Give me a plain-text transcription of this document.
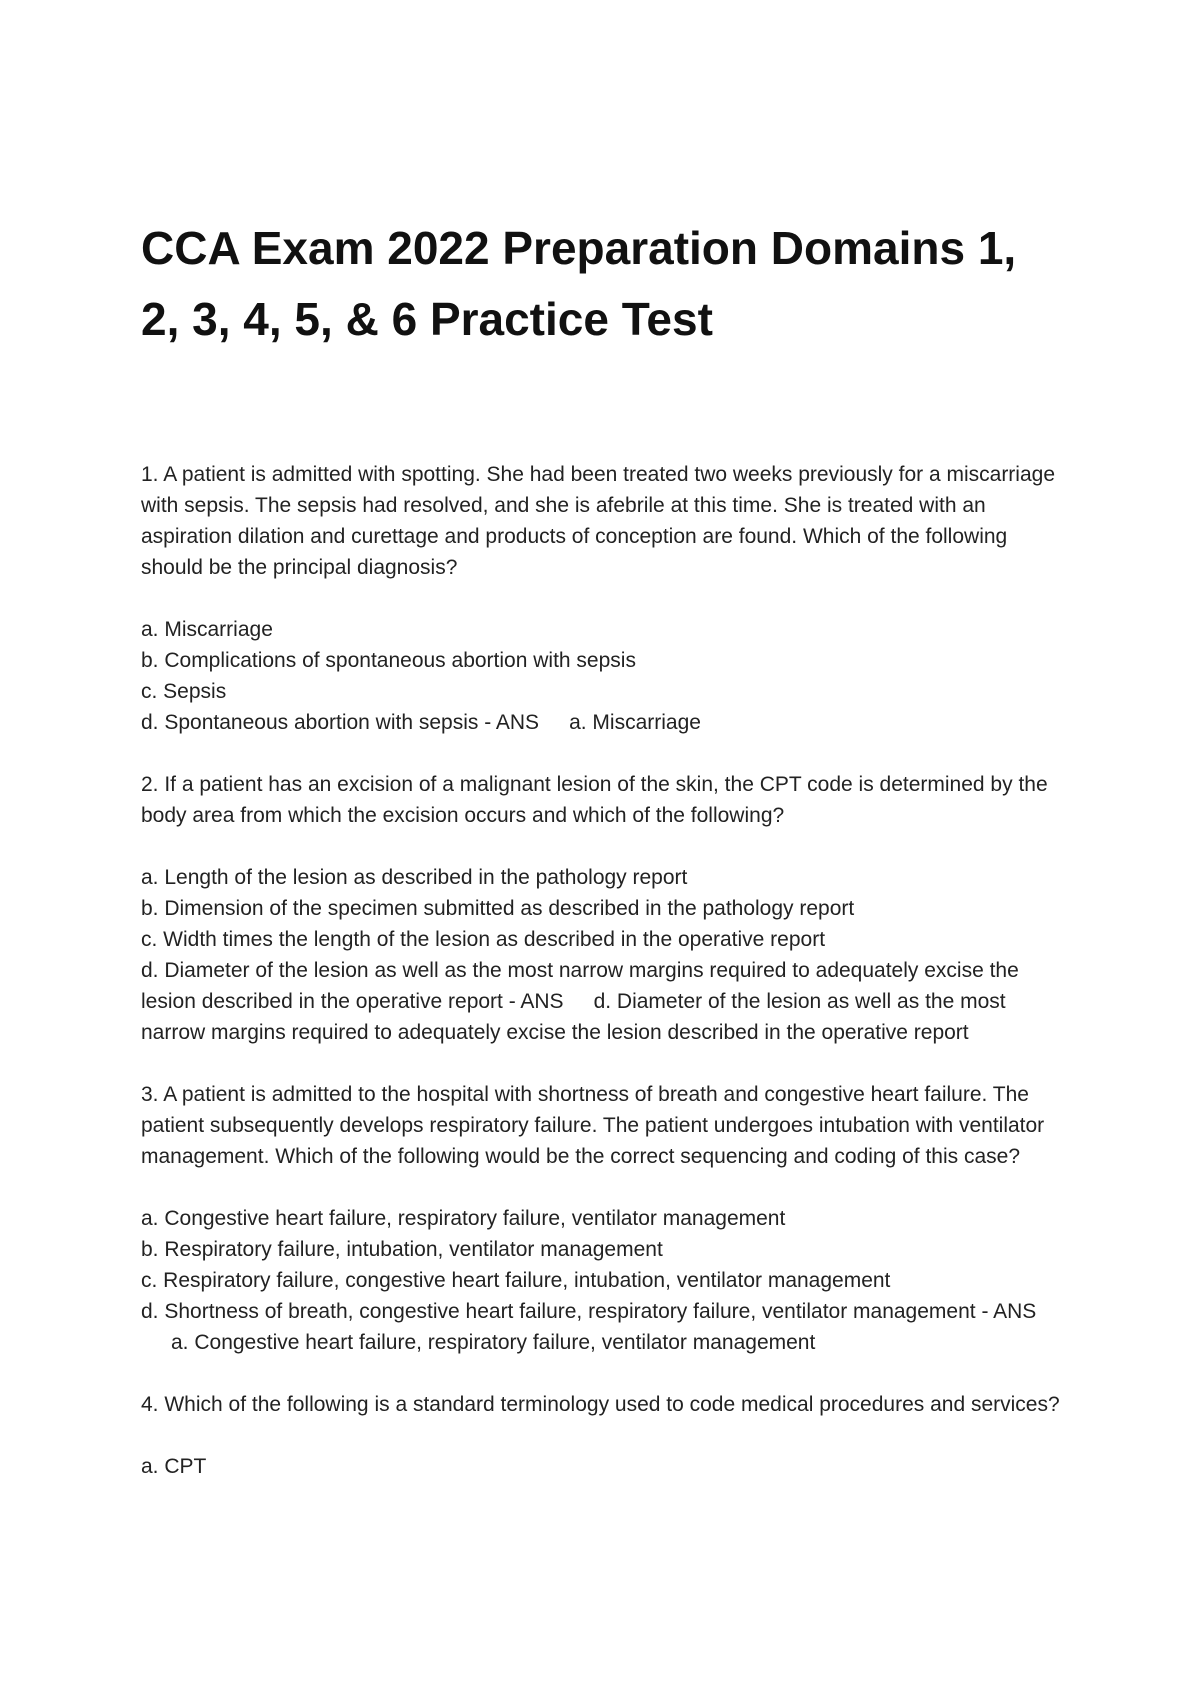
CCA Exam 2022 Preparation Domains 1, 2, 3, 4, 5, & 6 Practice Test

1. A patient is admitted with spotting. She had been treated two weeks previously for a miscarriage with sepsis. The sepsis had resolved, and she is afebrile at this time. She is treated with an aspiration dilation and curettage and products of conception are found. Which of the following should be the principal diagnosis?

a. Miscarriage

b. Complications of spontaneous abortion with sepsis

c. Sepsis

d. Spontaneous abortion with sepsis - ANS a. Miscarriage

2. If a patient has an excision of a malignant lesion of the skin, the CPT code is determined by the body area from which the excision occurs and which of the following?

a. Length of the lesion as described in the pathology report

b. Dimension of the specimen submitted as described in the pathology report

c. Width times the length of the lesion as described in the operative report

d. Diameter of the lesion as well as the most narrow margins required to adequately excise the lesion described in the operative report - ANS d. Diameter of the lesion as well as the most narrow margins required to adequately excise the lesion described in the operative report

3. A patient is admitted to the hospital with shortness of breath and congestive heart failure. The patient subsequently develops respiratory failure. The patient undergoes intubation with ventilator management. Which of the following would be the correct sequencing and coding of this case?

a. Congestive heart failure, respiratory failure, ventilator management

b. Respiratory failure, intubation, ventilator management

c. Respiratory failure, congestive heart failure, intubation, ventilator management

d. Shortness of breath, congestive heart failure, respiratory failure, ventilator management - ANSa. Congestive heart failure, respiratory failure, ventilator management

4. Which of the following is a standard terminology used to code medical procedures and services?

a. CPT
